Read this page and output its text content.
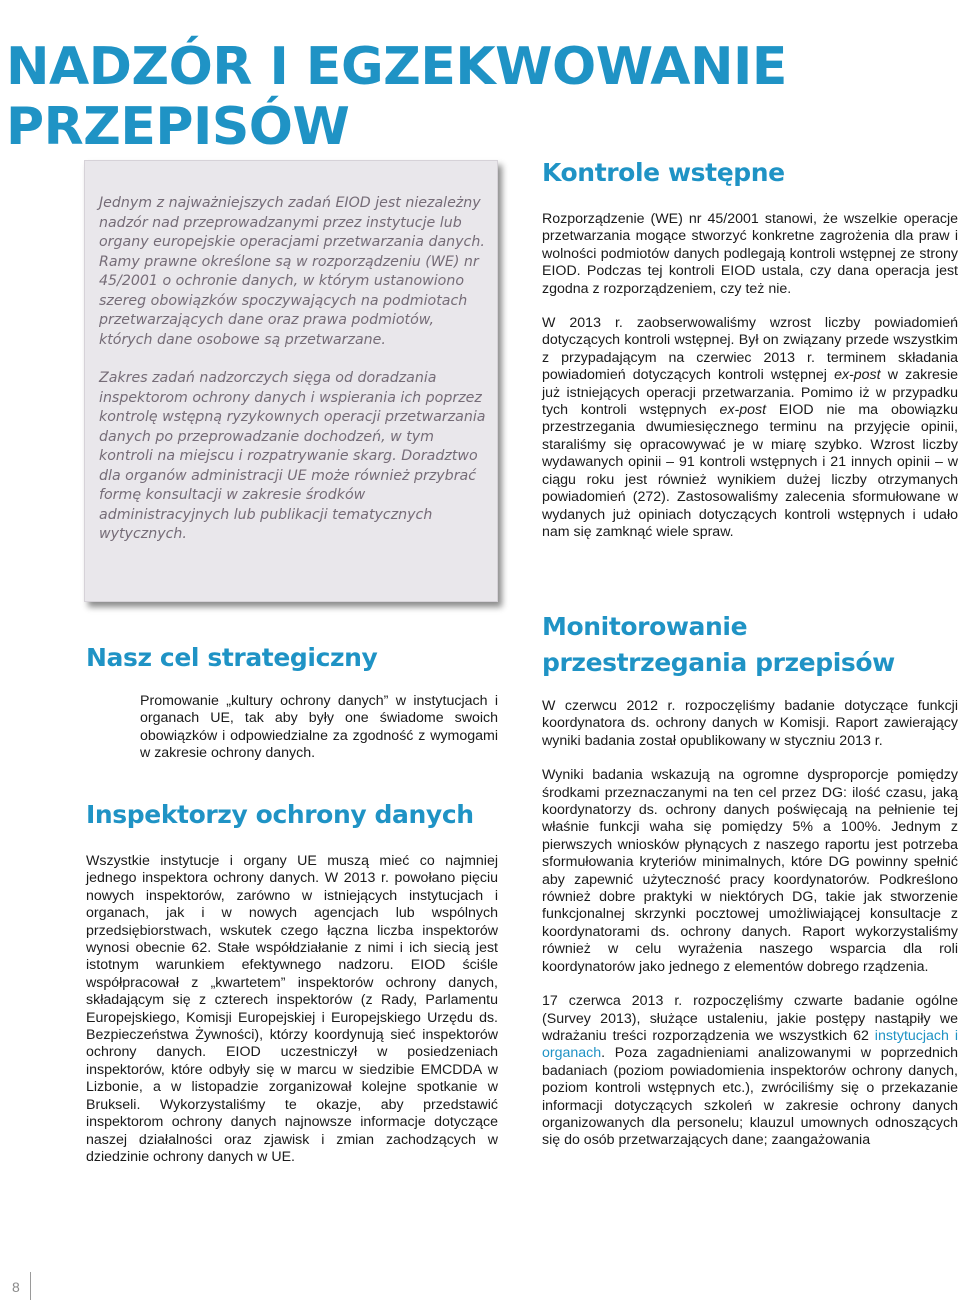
NADZÓR I EGZEKWOWANIE PRZEPISÓW

Jednym z najważniejszych zadań EIOD jest niezależny nadzór nad przeprowadzanymi przez instytucje lub organy europejskie operacjami przetwarzania danych. Ramy prawne określone są w rozporządzeniu (WE) nr 45/2001 o ochronie danych, w którym ustanowiono szereg obowiązków spoczywających na podmiotach przetwarzających dane oraz prawa podmiotów, których dane osobowe są przetwarzane.

Zakres zadań nadzorczych sięga od doradzania inspektorom ochrony danych i wspierania ich poprzez kontrolę wstępną ryzykownych operacji przetwarzania danych po przeprowadzanie dochodzeń, w tym kontroli na miejscu i rozpatrywanie skarg. Doradztwo dla organów administracji UE może również przybrać formę konsultacji w zakresie środków administracyjnych lub publikacji tematycznych wytycznych.

Nasz cel strategiczny

Promowanie „kultury ochrony danych” w instytucjach i organach UE, tak aby były one świadome swoich obowiązków i odpowiedzialne za zgodność z wymogami w zakresie ochrony danych.

Inspektorzy ochrony danych

Wszystkie instytucje i organy UE muszą mieć co najmniej jednego inspektora ochrony danych. W 2013 r. powołano pięciu nowych inspektorów, zarówno w istniejących instytucjach i organach, jak i w nowych agencjach lub wspólnych przedsiębiorstwach, wskutek czego łączna liczba inspektorów wynosi obecnie 62. Stałe współdziałanie z nimi i ich siecią jest istotnym warunkiem efektywnego nadzoru. EIOD ściśle współpracował z „kwartetem” inspektorów ochrony danych, składającym się z czterech inspektorów (z Rady, Parlamentu Europejskiego, Komisji Europejskiej i Europejskiego Urzędu ds. Bezpieczeństwa Żywności), którzy koordynują sieć inspektorów ochrony danych. EIOD uczestniczył w posiedzeniach inspektorów, które odbyły się w marcu w siedzibie EMCDDA w Lizbonie, a w listopadzie zorganizował kolejne spotkanie w Brukseli. Wykorzystaliśmy te okazje, aby przedstawić inspektorom ochrony danych najnowsze informacje dotyczące naszej działalności oraz zjawisk i zmian zachodzących w dziedzinie ochrony danych w UE.

Kontrole wstępne

Rozporządzenie (WE) nr 45/2001 stanowi, że wszelkie operacje przetwarzania mogące stworzyć konkretne zagrożenia dla praw i wolności podmiotów danych podlegają kontroli wstępnej ze strony EIOD. Podczas tej kontroli EIOD ustala, czy dana operacja jest zgodna z rozporządzeniem, czy też nie.

W 2013 r. zaobserwowaliśmy wzrost liczby powiadomień dotyczących kontroli wstępnej. Był on związany przede wszystkim z przypadającym na czerwiec 2013 r. terminem składania powiadomień dotyczących kontroli wstępnej ex-post w zakresie już istniejących operacji przetwarzania. Pomimo iż w przypadku tych kontroli wstępnych ex-post EIOD nie ma obowiązku przestrzegania dwumiesięcznego terminu na przyjęcie opinii, staraliśmy się opracowywać je w miarę szybko. Wzrost liczby wydawanych opinii – 91 kontroli wstępnych i 21 innych opinii – w ciągu roku jest również wynikiem dużej liczby otrzymanych powiadomień (272). Zastosowaliśmy zalecenia sformułowane w wydanych już opiniach dotyczących kontroli wstępnych i udało nam się zamknąć wiele spraw.

Monitorowanie
przestrzegania przepisów

W czerwcu 2012 r. rozpoczęliśmy badanie dotyczące funkcji koordynatora ds. ochrony danych w Komisji. Raport zawierający wyniki badania został opublikowany w styczniu 2013 r.

Wyniki badania wskazują na ogromne dysproporcje pomiędzy środkami przeznaczanymi na ten cel przez DG: ilość czasu, jaką koordynatorzy ds. ochrony danych poświęcają na pełnienie tej właśnie funkcji waha się pomiędzy 5% a 100%. Jednym z pierwszych wniosków płynących z naszego raportu jest potrzeba sformułowania kryteriów minimalnych, które DG powinny spełnić aby zapewnić użyteczność pracy koordynatorów. Podkreślono również dobre praktyki w niektórych DG, takie jak stworzenie funkcjonalnej skrzynki pocztowej umożliwiającej konsultacje z koordynatorami ds. ochrony danych. Raport wykorzystaliśmy również w celu wyrażenia naszego wsparcia dla roli koordynatorów jako jednego z elementów dobrego rządzenia.

17 czerwca 2013 r. rozpoczęliśmy czwarte badanie ogólne (Survey 2013), służące ustaleniu, jakie postępy nastąpiły we wdrażaniu treści rozporządzenia we wszystkich 62 instytucjach i organach. Poza zagadnieniami analizowanymi w poprzednich badaniach (poziom powiadomienia inspektorów ochrony danych, poziom kontroli wstępnych etc.), zwróciliśmy się o przekazanie informacji dotyczących szkoleń w zakresie ochrony danych organizowanych dla personelu; klauzul umownych odnoszących się do osób przetwarzających dane; zaangażowania

8
